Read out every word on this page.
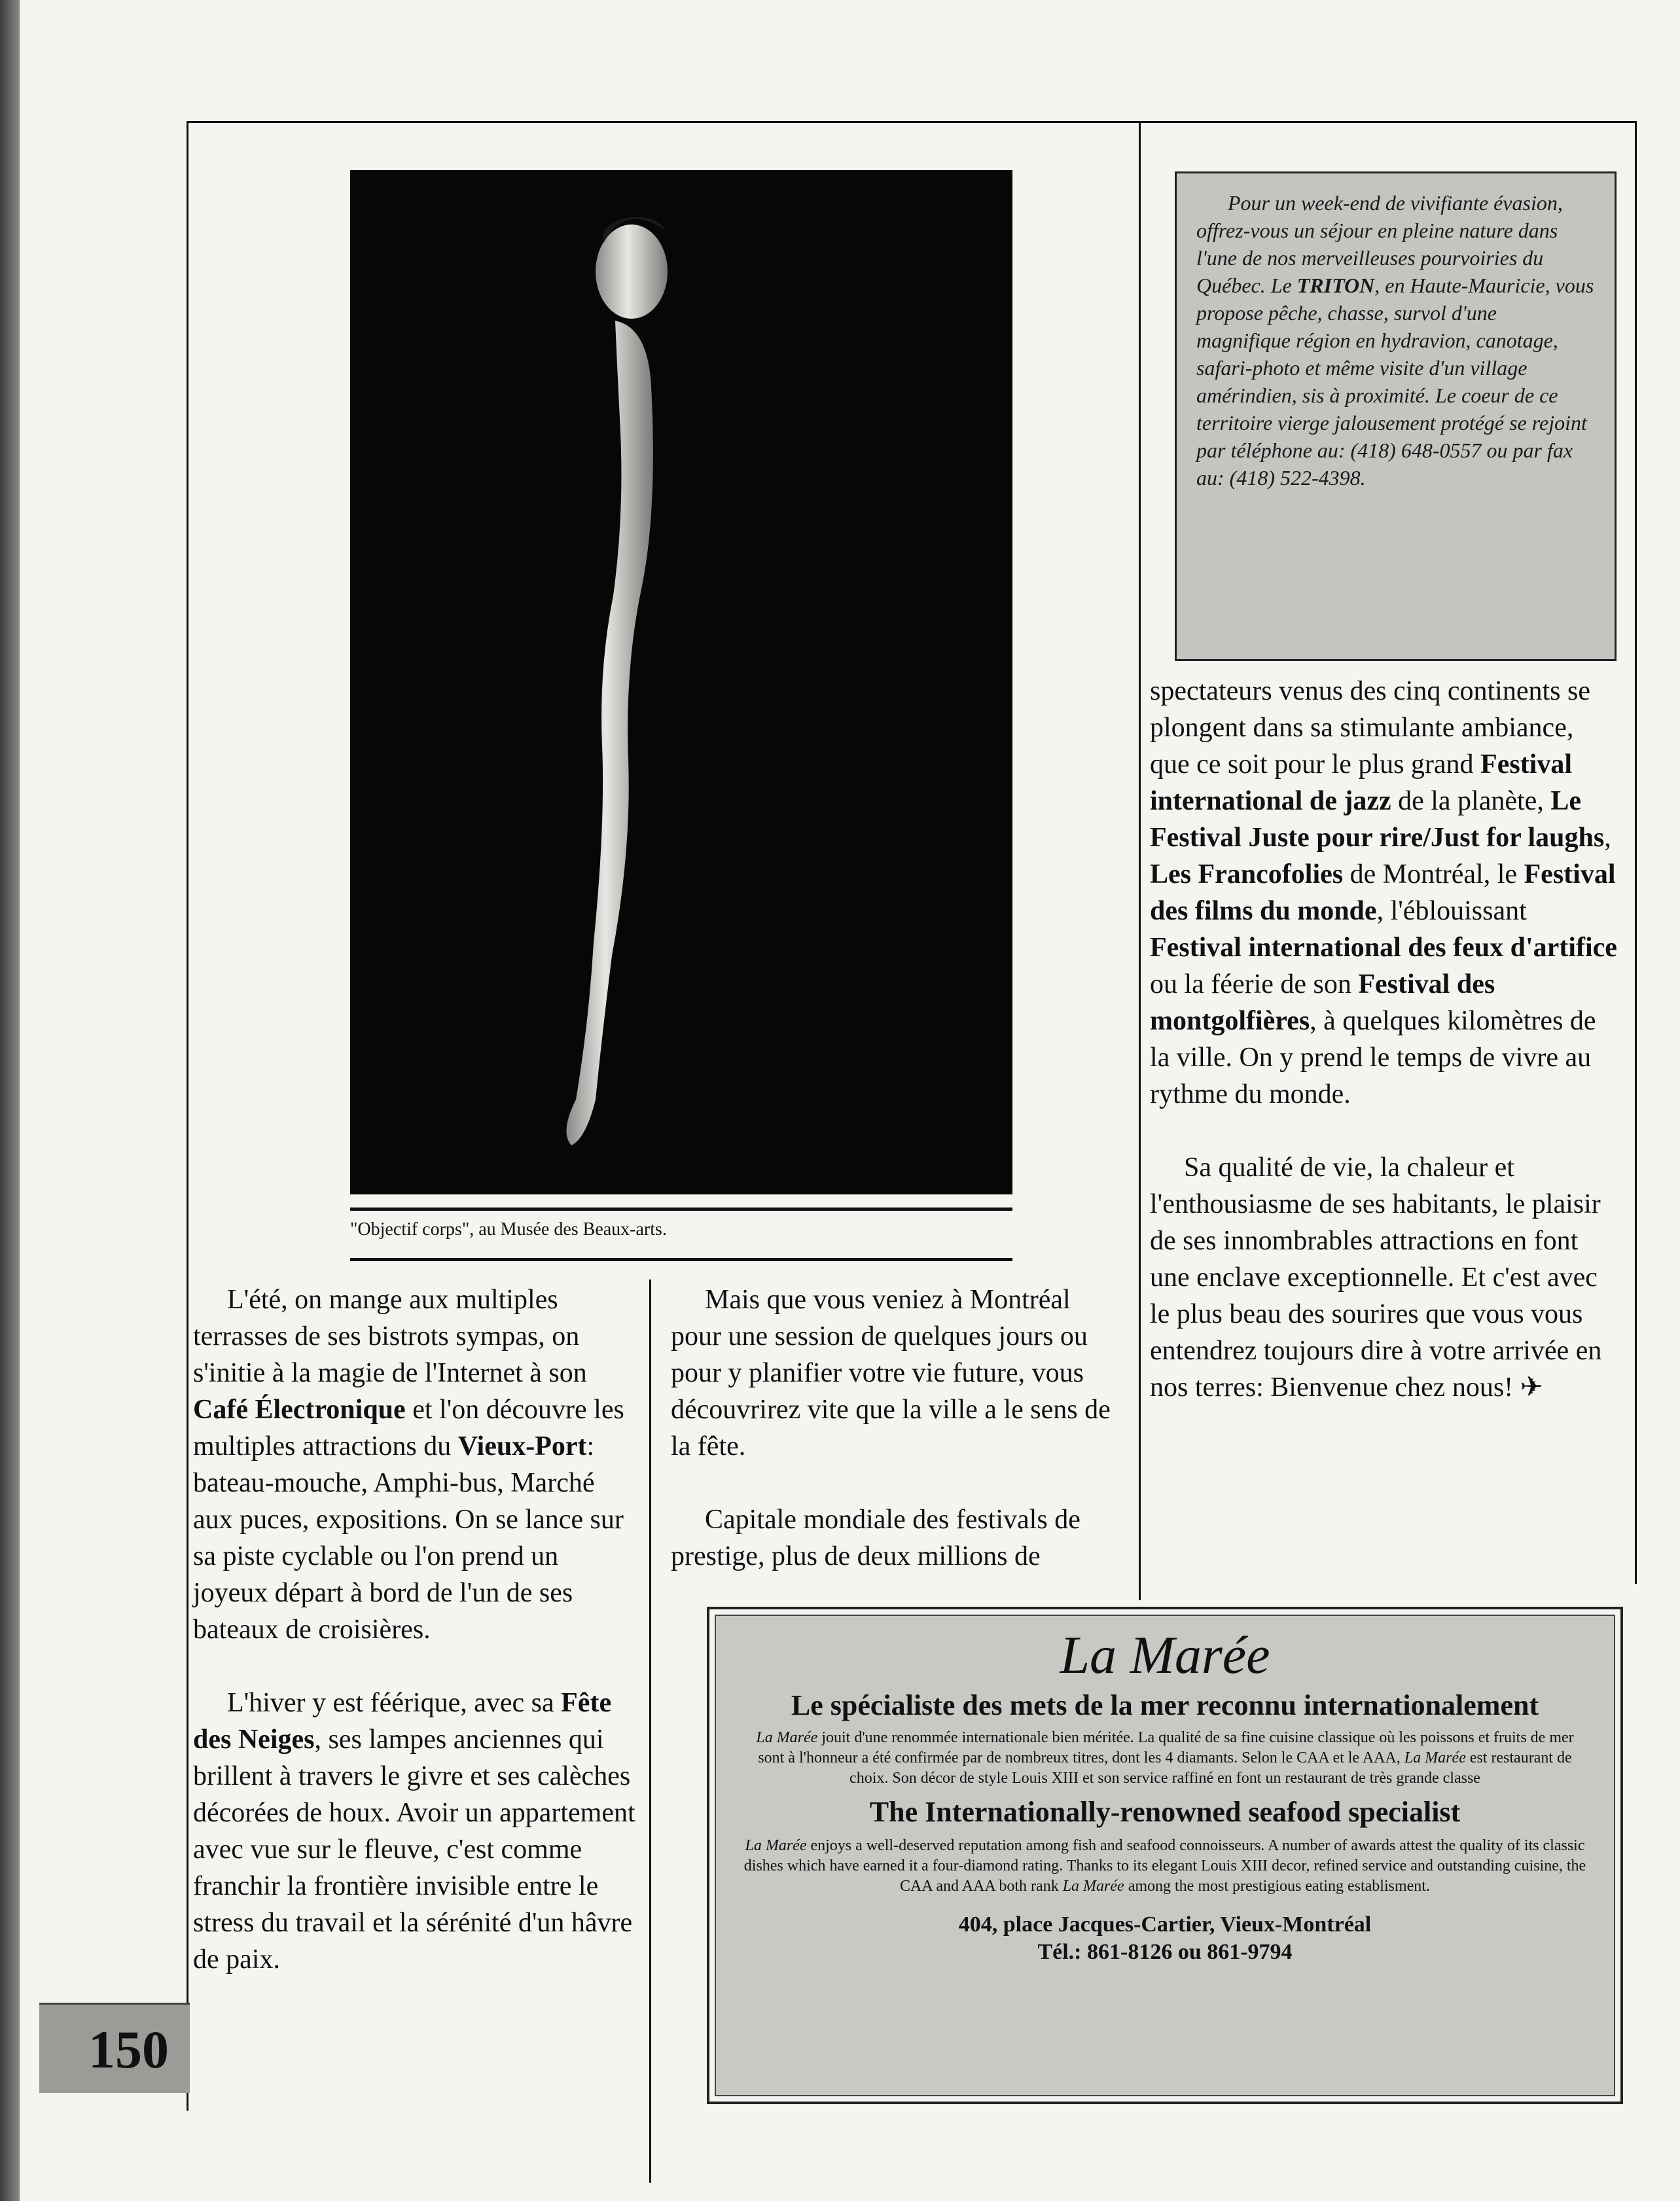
"Objectif corps", au Musée des Beaux-arts.

Pour un week-end de vivifiante évasion, offrez-vous un séjour en pleine nature dans l'une de nos merveilleuses pourvoiries du Québec. Le TRITON, en Haute-Mauricie, vous propose pêche, chasse, survol d'une magnifique région en hydravion, canotage, safari-photo et même visite d'un village amérindien, sis à proximité. Le coeur de ce territoire vierge jalousement protégé se rejoint par téléphone au: (418) 648-0557 ou par fax au: (418) 522-4398.

L'été, on mange aux multiples terrasses de ses bistrots sympas, on s'initie à la magie de l'Internet à son Café Électronique et l'on découvre les multiples attractions du Vieux-Port: bateau-mouche, Amphi-bus, Marché aux puces, expositions. On se lance sur sa piste cyclable ou l'on prend un joyeux départ à bord de l'un de ses bateaux de croisières.

L'hiver y est féérique, avec sa Fête des Neiges, ses lampes anciennes qui brillent à travers le givre et ses calèches décorées de houx. Avoir un appartement avec vue sur le fleuve, c'est comme franchir la frontière invisible entre le stress du travail et la sérénité d'un hâvre de paix.

Mais que vous veniez à Montréal pour une session de quelques jours ou pour y planifier votre vie future, vous découvrirez vite que la ville a le sens de la fête.

Capitale mondiale des festivals de prestige, plus de deux millions de

spectateurs venus des cinq continents se plongent dans sa stimulante ambiance, que ce soit pour le plus grand Festival international de jazz de la planète, Le Festival Juste pour rire/Just for laughs, Les Francofolies de Montréal, le Festival des films du monde, l'éblouissant Festival international des feux d'artifice ou la féerie de son Festival des montgolfières, à quelques kilomètres de la ville. On y prend le temps de vivre au rythme du monde.

Sa qualité de vie, la chaleur et l'enthousiasme de ses habitants, le plaisir de ses innombrables attractions en font une enclave exceptionnelle. Et c'est avec le plus beau des sourires que vous vous entendrez toujours dire à votre arrivée en nos terres: Bienvenue chez nous! ✈

La Marée
Le spécialiste des mets de la mer reconnu internationalement
La Marée jouit d'une renommée internationale bien méritée. La qualité de sa fine cuisine classique où les poissons et fruits de mer sont à l'honneur a été confirmée par de nombreux titres, dont les 4 diamants. Selon le CAA et le AAA, La Marée est restaurant de choix. Son décor de style Louis XIII et son service raffiné en font un restaurant de très grande classe
The Internationally-renowned seafood specialist
La Marée enjoys a well-deserved reputation among fish and seafood connoisseurs. A number of awards attest the quality of its classic dishes which have earned it a four-diamond rating. Thanks to its elegant Louis XIII decor, refined service and outstanding cuisine, the CAA and AAA both rank La Marée among the most prestigious eating establisment.
404, place Jacques-Cartier, Vieux-Montréal
Tél.: 861-8126 ou 861-9794
150
